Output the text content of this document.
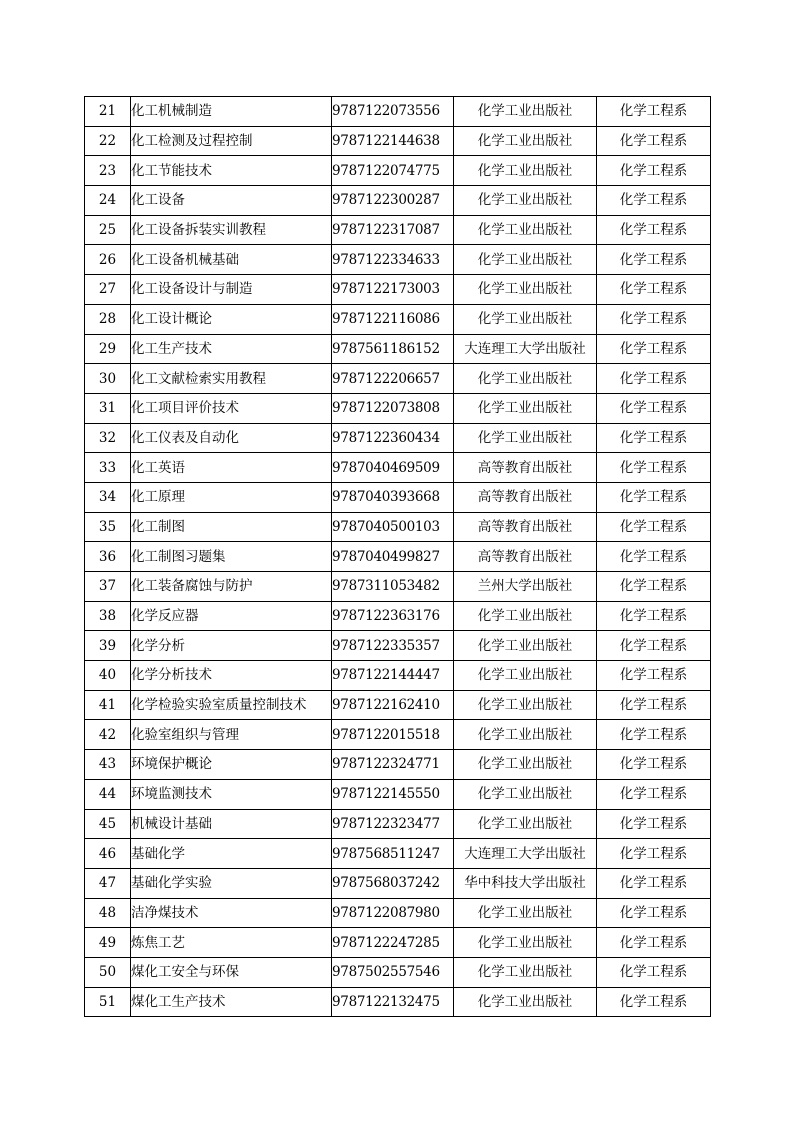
21	化工机械制造	9787122073556	化学工业出版社	化学工程系
22	化工检测及过程控制	9787122144638	化学工业出版社	化学工程系
23	化工节能技术	9787122074775	化学工业出版社	化学工程系
24	化工设备	9787122300287	化学工业出版社	化学工程系
25	化工设备拆装实训教程	9787122317087	化学工业出版社	化学工程系
26	化工设备机械基础	9787122334633	化学工业出版社	化学工程系
27	化工设备设计与制造	9787122173003	化学工业出版社	化学工程系
28	化工设计概论	9787122116086	化学工业出版社	化学工程系
29	化工生产技术	9787561186152	大连理工大学出版社	化学工程系
30	化工文献检索实用教程	9787122206657	化学工业出版社	化学工程系
31	化工项目评价技术	9787122073808	化学工业出版社	化学工程系
32	化工仪表及自动化	9787122360434	化学工业出版社	化学工程系
33	化工英语	9787040469509	高等教育出版社	化学工程系
34	化工原理	9787040393668	高等教育出版社	化学工程系
35	化工制图	9787040500103	高等教育出版社	化学工程系
36	化工制图习题集	9787040499827	高等教育出版社	化学工程系
37	化工装备腐蚀与防护	9787311053482	兰州大学出版社	化学工程系
38	化学反应器	9787122363176	化学工业出版社	化学工程系
39	化学分析	9787122335357	化学工业出版社	化学工程系
40	化学分析技术	9787122144447	化学工业出版社	化学工程系
41	化学检验实验室质量控制技术	9787122162410	化学工业出版社	化学工程系
42	化验室组织与管理	9787122015518	化学工业出版社	化学工程系
43	环境保护概论	9787122324771	化学工业出版社	化学工程系
44	环境监测技术	9787122145550	化学工业出版社	化学工程系
45	机械设计基础	9787122323477	化学工业出版社	化学工程系
46	基础化学	9787568511247	大连理工大学出版社	化学工程系
47	基础化学实验	9787568037242	华中科技大学出版社	化学工程系
48	洁净煤技术	9787122087980	化学工业出版社	化学工程系
49	炼焦工艺	9787122247285	化学工业出版社	化学工程系
50	煤化工安全与环保	9787502557546	化学工业出版社	化学工程系
51	煤化工生产技术	9787122132475	化学工业出版社	化学工程系
